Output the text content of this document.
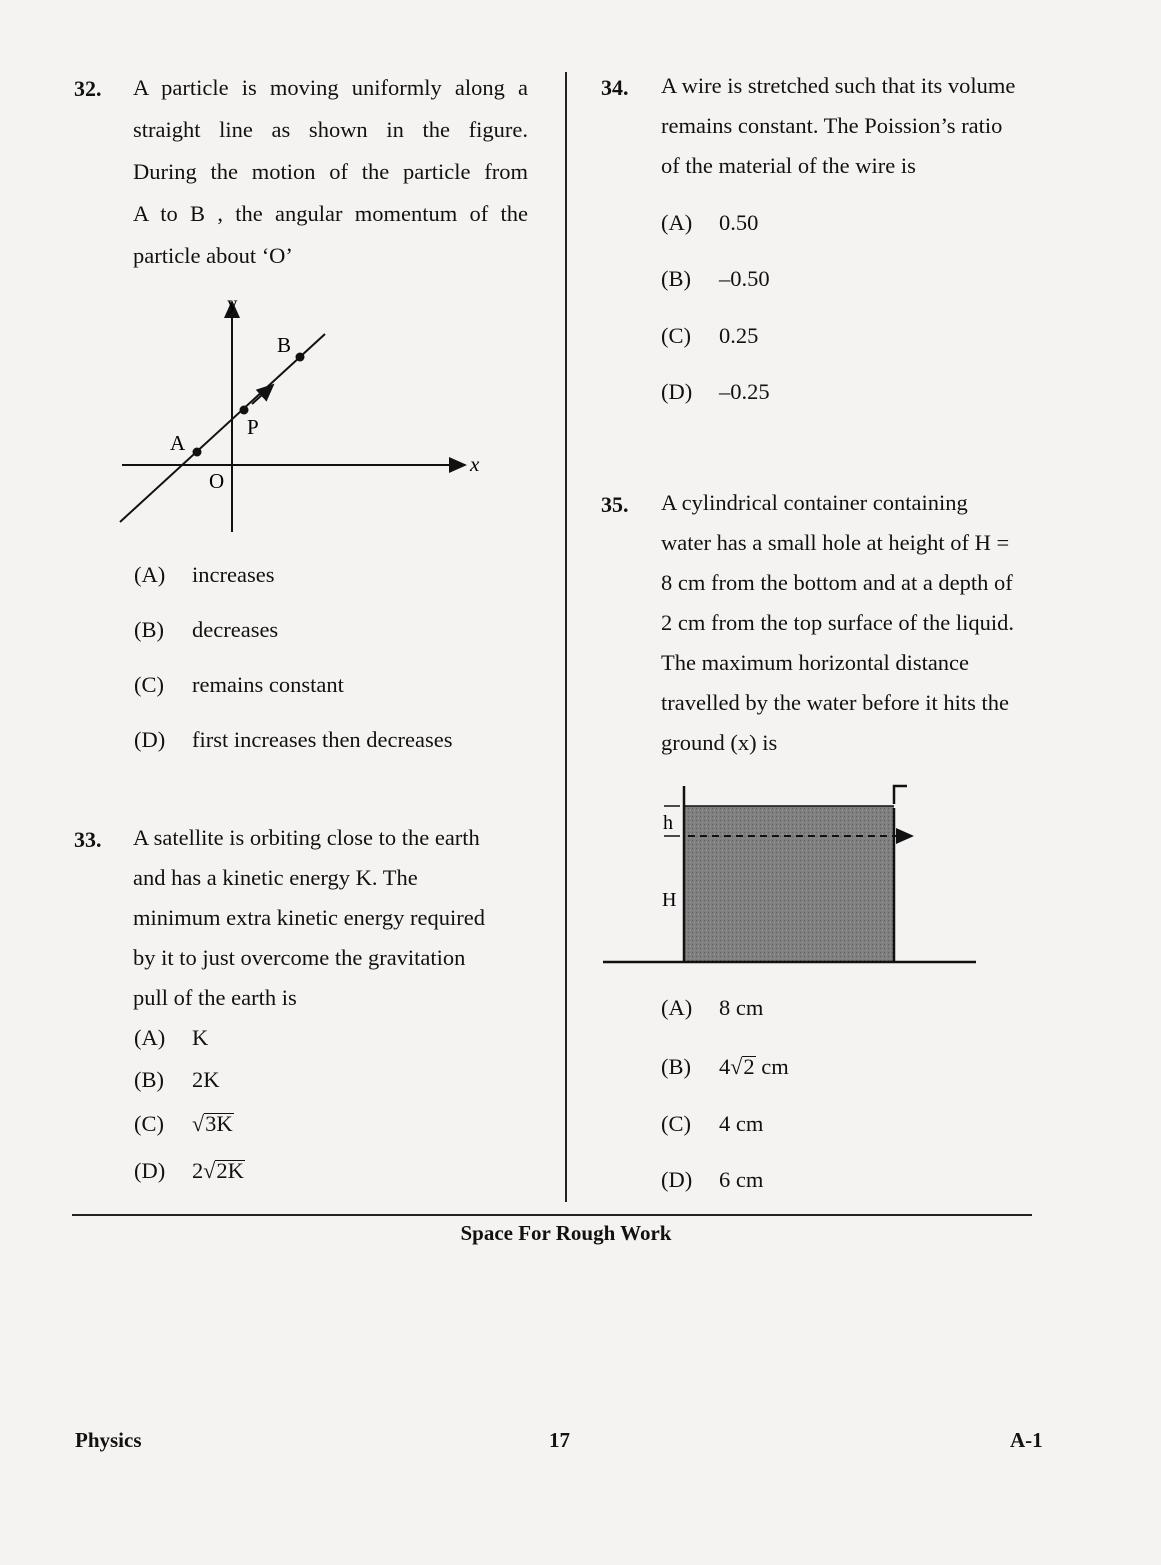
32. A particle is moving uniformly along a
straight line as shown in the figure.
During the motion of the particle from
A to B , the angular momentum of the
particle about ‘O’
y
x
O
A
B
P
(A) increases
(B) decreases
(C) remains constant
(D) first increases then decreases
33. A satellite is orbiting close to the earth
and has a kinetic energy K. The
minimum extra kinetic energy required
by it to just overcome the gravitation
pull of the earth is
(A) K
(B) 2K
(C) √3K
(D) 2√2K
34. A wire is stretched such that its volume
remains constant. The Poission’s ratio
of the material of the wire is
(A) 0.50
(B) –0.50
(C) 0.25
(D) –0.25
35. A cylindrical container containing
water has a small hole at height of H =
8 cm from the bottom and at a depth of
2 cm from the top surface of the liquid.
The maximum horizontal distance
travelled by the water before it hits the
ground (x) is
h
H
(A) 8 cm
(B) 4√2 cm
(C) 4 cm
(D) 6 cm
Space For Rough Work
Physics	17	A-1
